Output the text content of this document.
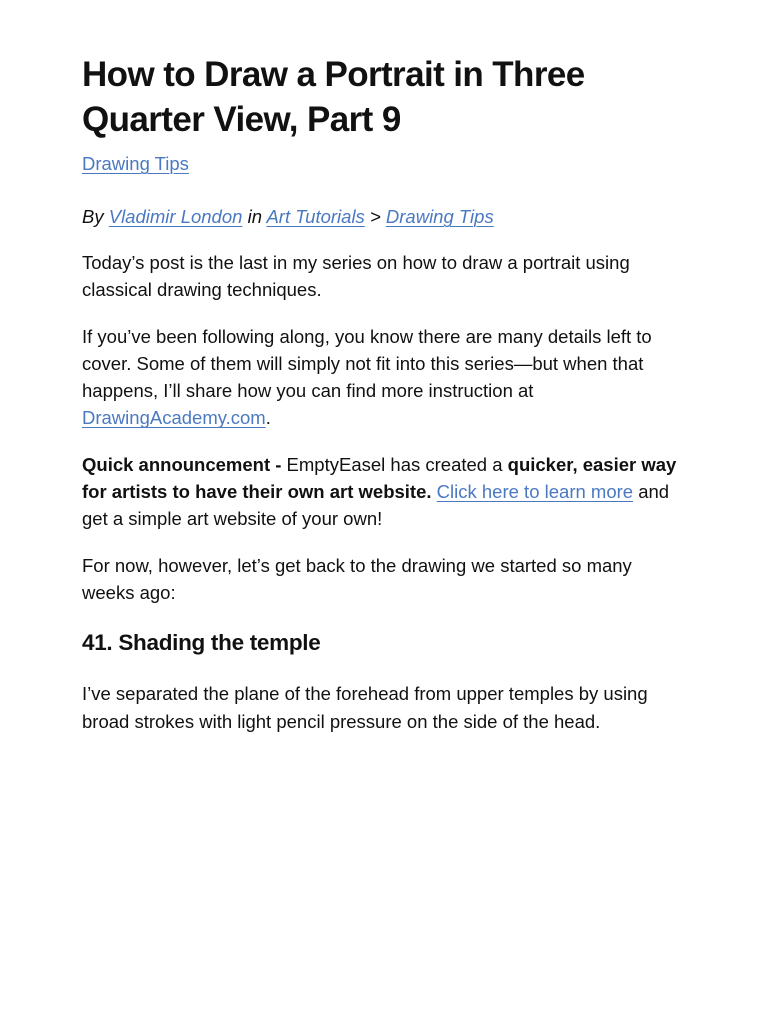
How to Draw a Portrait in Three Quarter View, Part 9
Drawing Tips
By Vladimir London in Art Tutorials > Drawing Tips

Today’s post is the last in my series on how to draw a portrait using classical drawing techniques.

If you’ve been following along, you know there are many details left to cover. Some of them will simply not fit into this series—but when that happens, I’ll share how you can find more instruction at DrawingAcademy.com.

Quick announcement - EmptyEasel has created a quicker, easier way for artists to have their own art website. Click here to learn more and get a simple art website of your own!

For now, however, let’s get back to the drawing we started so many weeks ago:

41. Shading the temple

I’ve separated the plane of the forehead from upper temples by using broad strokes with light pencil pressure on the side of the head.
